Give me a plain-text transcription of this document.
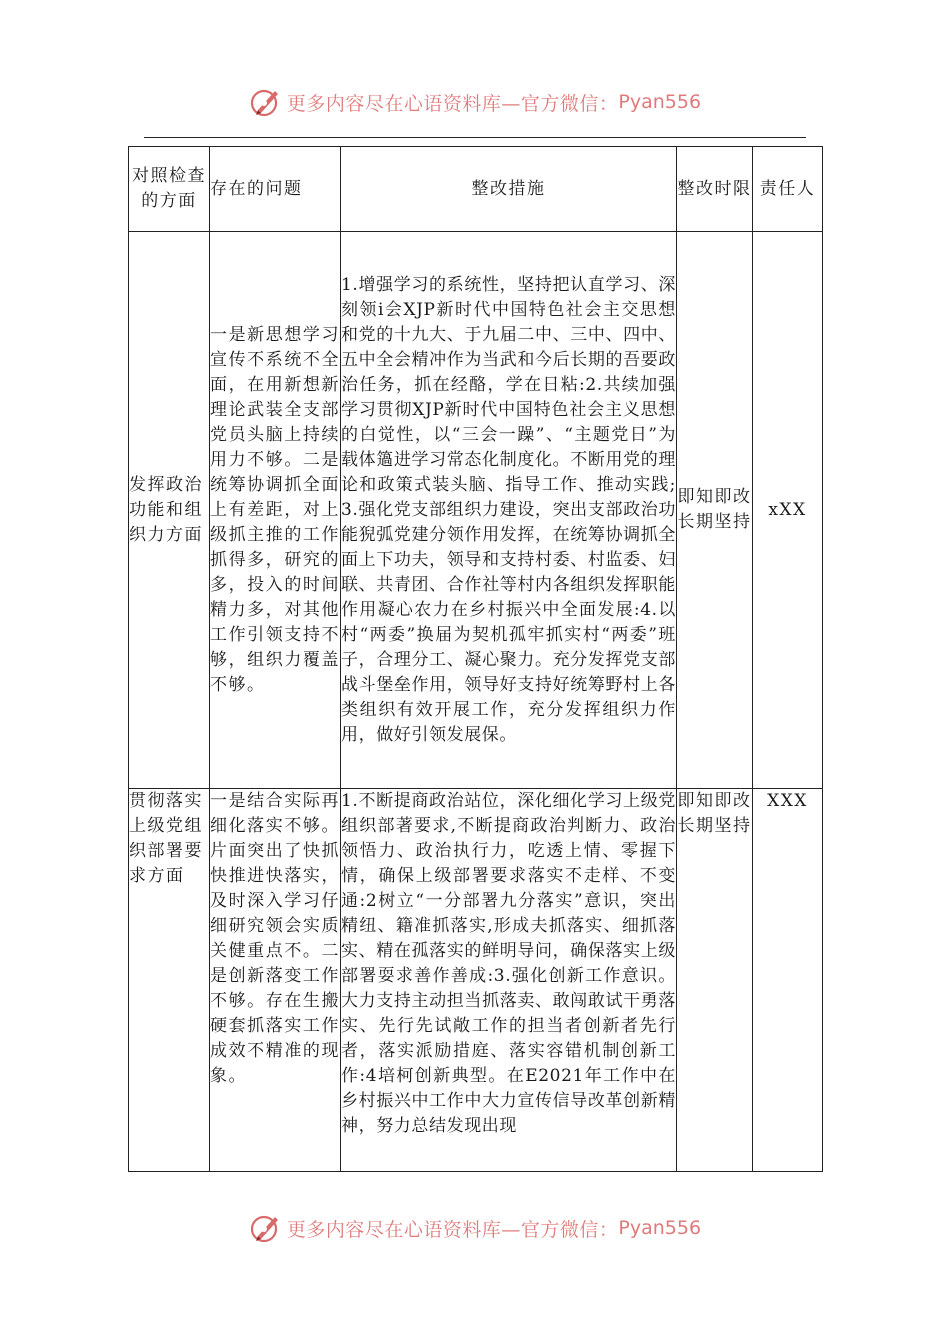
更多内容尽在心语资料库—官方微信： Pyan556
对照检查的方面	存在的问题	整改措施	整改时限	责任人
发挥政治功能和组织力方面	一是新思想学习宣传不系统不全面，在用新想新理论武装全支部党员头脑上持续用力不够。二是统筹协调抓全面上有差距，对上级抓主推的工作抓得多，研究的多，投入的时间精力多，对其他工作引领支持不够，组织力覆盖不够。	1.增强学习的系统性，坚持把认直学习、深刻领i会XJP新时代中国特色社会主交思想和党的十九大、于九届二中、三中、四中、五中全会精冲作为当武和今后长期的吾要政治任务，抓在经酪，学在日粘:2.共续加强学习贯彻XJP新时代中国特色社会主义思想的白觉性，以“三会一躁”、“主题党日”为载体簻进学习常态化制度化。不断用党的理论和政策式装头脑、指导工作、推动实践;3.强化党支部组织力建设，突出支部政治功能猊弧党建分领作用发挥，在统筹协调抓全面上下功夫，领导和支持村委、村监委、妇联、共青团、合作社等村内各组织发挥职能作用凝心农力在乡村振兴中全面发展:4.以村“两委”换届为契机孤牢抓实村“两委”班子，合理分工、凝心聚力。充分发挥党支部战斗堡垒作用，领导好支持好统筹野村上各类组织有效开展工作，充分发挥组织力作用，做好引领发展保。	即知即改长期坚持	xXX
贯彻落实上级党组织部署要求方面	一是结合实际再细化落实不够。片面突出了快抓快推进快落实，及时深入学习仔细研究领会实质关健重点不。二是创新落变工作不够。存在生搬硬套抓落实工作成效不精准的现象。	1.不断提商政治站位，深化细化学习上级党组织部著要求,不断提商政治判断力、政治领悟力、政治执行力，吃透上情、零握下情，确保上级部署要求落实不走样、不变通:2树立“一分部署九分落实”意识，突出精纽、籍准抓落实,形成夫抓落实、细抓落实、精在孤落实的鲜明导问，确保落实上级部署耍求善作善成:3.强化创新工作意识。大力支持主动担当抓落卖、敢闯敢试干勇落实、先行先试敞工作的担当者创新者先行者，落实派励措庭、落实容错机制创新工作:4培柯创新典型。在E2021年工作中在乡村振兴中工作中大力宣传信导改革创新精神，努力总结发现出现	即知即改长期坚持	XXX
更多内容尽在心语资料库—官方微信： Pyan556
